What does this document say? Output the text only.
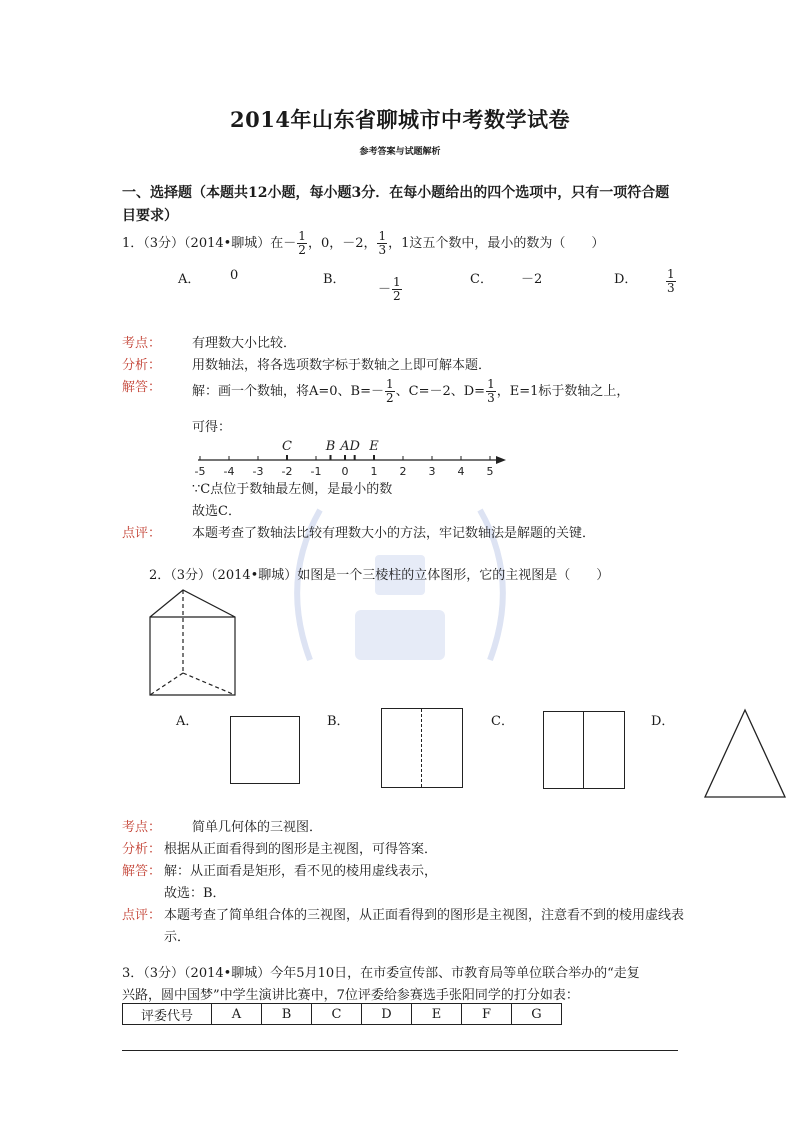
2014年山东省聊城市中考数学试卷
参考答案与试题解析
一、选择题（本题共12小题，每小题3分．在每小题给出的四个选项中，只有一项符合题目要求）
1．（3分）（2014•聊城）在－ $\frac{1}{2}$ ，0，－2， $\frac{1}{3}$ ，1这五个数中，最小的数为（　　）
A． 0	B．
－ $\frac{1}{2}$	C． －2	D． $\frac{1}{3}$
考点： 有理数大小比较．
分析： 用数轴法，将各选项数字标于数轴之上即可解本题．
解答： 解：画一个数轴，将A=0、$B=- \frac{1}{2}$ 、C=－2、$D= \frac{1}{3}$ ，E=1标于数轴之上，
可得：
-5 -4 -3 -2 -1 0 1 2 3 4 5
C	B A D E
∵C点位于数轴最左侧，是最小的数
故选C．
点评： 本题考查了数轴法比较有理数大小的方法，牢记数轴法是解题的关键．
2．（3分）（2014•聊城）如图是一个三棱柱的立体图形，它的主视图是（　　）
A．	B．	C．	D．
考点： 简单几何体的三视图．
分析： 根据从正面看得到的图形是主视图，可得答案．
解答： 解：从正面看是矩形，看不见的棱用虚线表示，
故选：B．
点评： 本题考查了简单组合体的三视图，从正面看得到的图形是主视图，注意看不到的棱用虚线表
示．
3．（3分）（2014•聊城）今年5月10日，在市委宣传部、市教育局等单位联合举办的“走复
兴路，圆中国梦”中学生演讲比赛中，7位评委给参赛选手张阳同学的打分如表：
评委代号	A	B	C	D	E	F	G
